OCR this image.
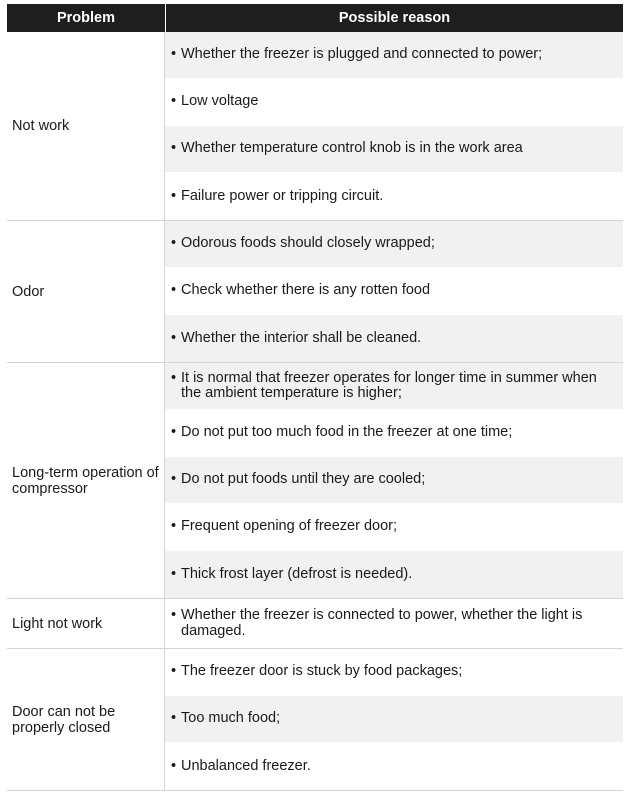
Problem	Possible reason
Not work
• Whether the freezer is plugged and connected to power;
• Low voltage
• Whether temperature control knob is in the work area
• Failure power or tripping circuit.
Odor
• Odorous foods should closely wrapped;
• Check whether there is any rotten food
• Whether the interior shall be cleaned.
Long-term operation of compressor
• It is normal that freezer operates for longer time in summer when the ambient temperature is higher;
• Do not put too much food in the freezer at one time;
• Do not put foods until they are cooled;
• Frequent opening of freezer door;
• Thick frost layer (defrost is needed).
Light not work
• Whether the freezer is connected to power, whether the light is damaged.
Door can not be properly closed
• The freezer door is stuck by food packages;
• Too much food;
• Unbalanced freezer.
